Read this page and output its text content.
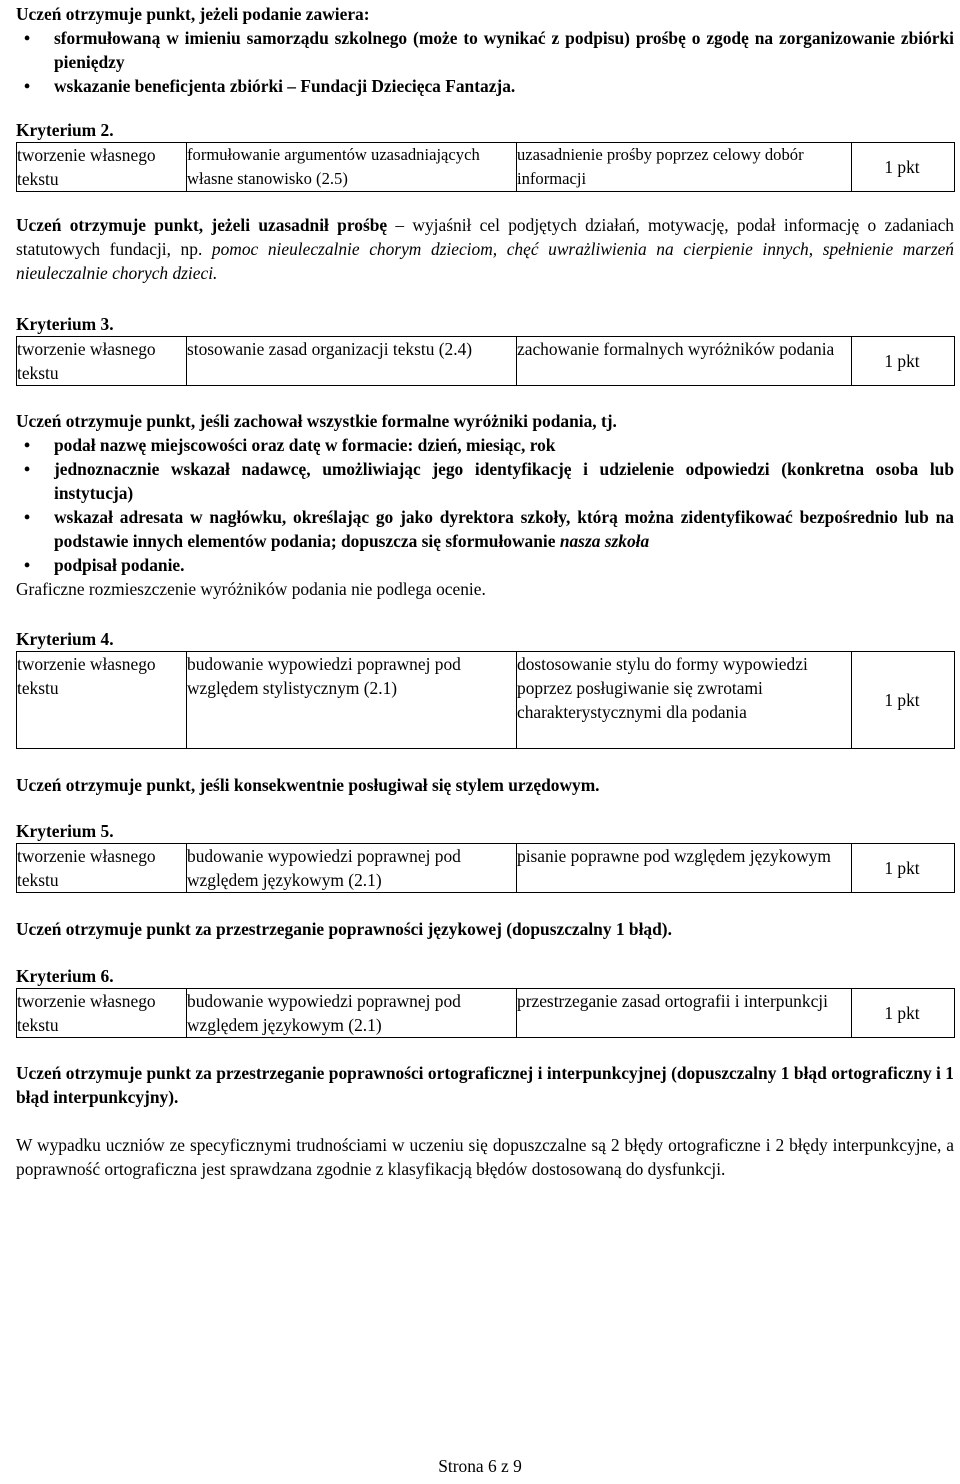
Uczeń otrzymuje punkt, jeżeli podanie zawiera:

• sformułowaną w imieniu samorządu szkolnego (może to wynikać z podpisu) prośbę o zgodę na zorganizowanie zbiórki pieniędzy
• wskazanie beneficjenta zbiórki – Fundacji Dziecięca Fantazja.

Kryterium 2.

tworzenie własnego tekstu	formułowanie argumentów uzasadniających własne stanowisko (2.5)	uzasadnienie prośby poprzez celowy dobór informacji	1 pkt

Uczeń otrzymuje punkt, jeżeli uzasadnił prośbę – wyjaśnił cel podjętych działań, motywację, podał informację o zadaniach statutowych fundacji, np. pomoc nieuleczalnie chorym dzieciom, chęć uwrażliwienia na cierpienie innych, spełnienie marzeń nieuleczalnie chorych dzieci.

Kryterium 3.

tworzenie własnego tekstu	stosowanie zasad organizacji tekstu (2.4)	zachowanie formalnych wyróżników podania	1 pkt

Uczeń otrzymuje punkt, jeśli zachował wszystkie formalne wyróżniki podania, tj.

• podał nazwę miejscowości oraz datę w formacie: dzień, miesiąc, rok
• jednoznacznie wskazał nadawcę, umożliwiając jego identyfikację i udzielenie odpowiedzi (konkretna osoba lub instytucja)
• wskazał adresata w nagłówku, określając go jako dyrektora szkoły, którą można zidentyfikować bezpośrednio lub na podstawie innych elementów podania; dopuszcza się sformułowanie nasza szkoła
• podpisał podanie.

Graficzne rozmieszczenie wyróżników podania nie podlega ocenie.

Kryterium 4.

tworzenie własnego tekstu	budowanie wypowiedzi poprawnej pod względem stylistycznym (2.1)	dostosowanie stylu do formy wypowiedzi poprzez posługiwanie się zwrotami charakterystycznymi dla podania	1 pkt

Uczeń otrzymuje punkt, jeśli konsekwentnie posługiwał się stylem urzędowym.

Kryterium 5.

tworzenie własnego tekstu	budowanie wypowiedzi poprawnej pod względem językowym (2.1)	pisanie poprawne pod względem językowym	1 pkt

Uczeń otrzymuje punkt za przestrzeganie poprawności językowej (dopuszczalny 1 błąd).

Kryterium 6.

tworzenie własnego tekstu	budowanie wypowiedzi poprawnej pod względem językowym (2.1)	przestrzeganie zasad ortografii i interpunkcji	1 pkt

Uczeń otrzymuje punkt za przestrzeganie poprawności ortograficznej i interpunkcyjnej (dopuszczalny 1 błąd ortograficzny i 1 błąd interpunkcyjny).

W wypadku uczniów ze specyficznymi trudnościami w uczeniu się dopuszczalne są 2 błędy ortograficzne i 2 błędy interpunkcyjne, a poprawność ortograficzna jest sprawdzana zgodnie z klasyfikacją błędów dostosowaną do dysfunkcji.

Strona 6 z 9
